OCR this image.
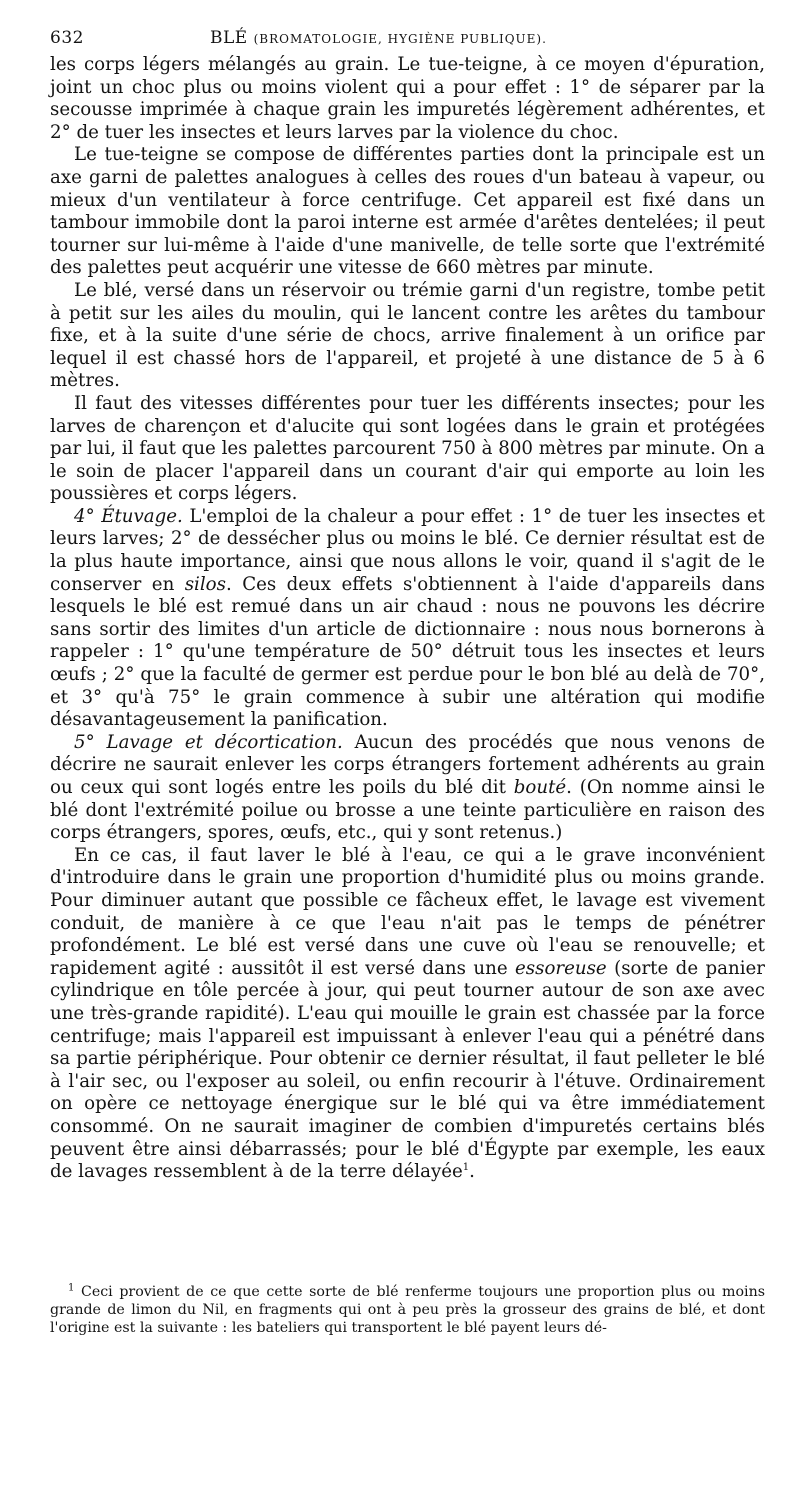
632	BLÉ (BROMATOLOGIE, HYGIÈNE PUBLIQUE).

les corps légers mélangés au grain. Le tue-teigne, à ce moyen d'épuration, joint un choc plus ou moins violent qui a pour effet : 1° de séparer par la secousse imprimée à chaque grain les impuretés légèrement adhérentes, et 2° de tuer les insectes et leurs larves par la violence du choc.

Le tue-teigne se compose de différentes parties dont la principale est un axe garni de palettes analogues à celles des roues d'un bateau à vapeur, ou mieux d'un ventilateur à force centrifuge. Cet appareil est fixé dans un tambour immobile dont la paroi interne est armée d'arêtes dentelées; il peut tourner sur lui-même à l'aide d'une manivelle, de telle sorte que l'extrémité des palettes peut acquérir une vitesse de 660 mètres par minute.

Le blé, versé dans un réservoir ou trémie garni d'un registre, tombe petit à petit sur les ailes du moulin, qui le lancent contre les arêtes du tambour fixe, et à la suite d'une série de chocs, arrive finalement à un orifice par lequel il est chassé hors de l'appareil, et projeté à une distance de 5 à 6 mètres.

Il faut des vitesses différentes pour tuer les différents insectes; pour les larves de charençon et d'alucite qui sont logées dans le grain et protégées par lui, il faut que les palettes parcourent 750 à 800 mètres par minute. On a le soin de placer l'appareil dans un courant d'air qui emporte au loin les poussières et corps légers.

4° Étuvage. L'emploi de la chaleur a pour effet : 1° de tuer les insectes et leurs larves; 2° de dessécher plus ou moins le blé. Ce dernier résultat est de la plus haute importance, ainsi que nous allons le voir, quand il s'agit de le conserver en silos. Ces deux effets s'obtiennent à l'aide d'appareils dans lesquels le blé est remué dans un air chaud : nous ne pouvons les décrire sans sortir des limites d'un article de dictionnaire : nous nous bornerons à rappeler : 1° qu'une température de 50° détruit tous les insectes et leurs œufs ; 2° que la faculté de germer est perdue pour le bon blé au delà de 70°, et 3° qu'à 75° le grain commence à subir une altération qui modifie désavantageusement la panification.

5° Lavage et décortication. Aucun des procédés que nous venons de décrire ne saurait enlever les corps étrangers fortement adhérents au grain ou ceux qui sont logés entre les poils du blé dit bouté. (On nomme ainsi le blé dont l'extrémité poilue ou brosse a une teinte particulière en raison des corps étrangers, spores, œufs, etc., qui y sont retenus.)

En ce cas, il faut laver le blé à l'eau, ce qui a le grave inconvénient d'introduire dans le grain une proportion d'humidité plus ou moins grande. Pour diminuer autant que possible ce fâcheux effet, le lavage est vivement conduit, de manière à ce que l'eau n'ait pas le temps de pénétrer profondément. Le blé est versé dans une cuve où l'eau se renouvelle; et rapidement agité : aussitôt il est versé dans une essoreuse (sorte de panier cylindrique en tôle percée à jour, qui peut tourner autour de son axe avec une très-grande rapidité). L'eau qui mouille le grain est chassée par la force centrifuge; mais l'appareil est impuissant à enlever l'eau qui a pénétré dans sa partie périphérique. Pour obtenir ce dernier résultat, il faut pelleter le blé à l'air sec, ou l'exposer au soleil, ou enfin recourir à l'étuve. Ordinairement on opère ce nettoyage énergique sur le blé qui va être immédiatement consommé. On ne saurait imaginer de combien d'impuretés certains blés peuvent être ainsi débarrassés; pour le blé d'Égypte par exemple, les eaux de lavages ressemblent à de la terre délayée$^1$.

$^1$ Ceci provient de ce que cette sorte de blé renferme toujours une proportion plus ou moins grande de limon du Nil, en fragments qui ont à peu près la grosseur des grains de blé, et dont l'origine est la suivante : les bateliers qui transportent le blé payent leurs dé-
